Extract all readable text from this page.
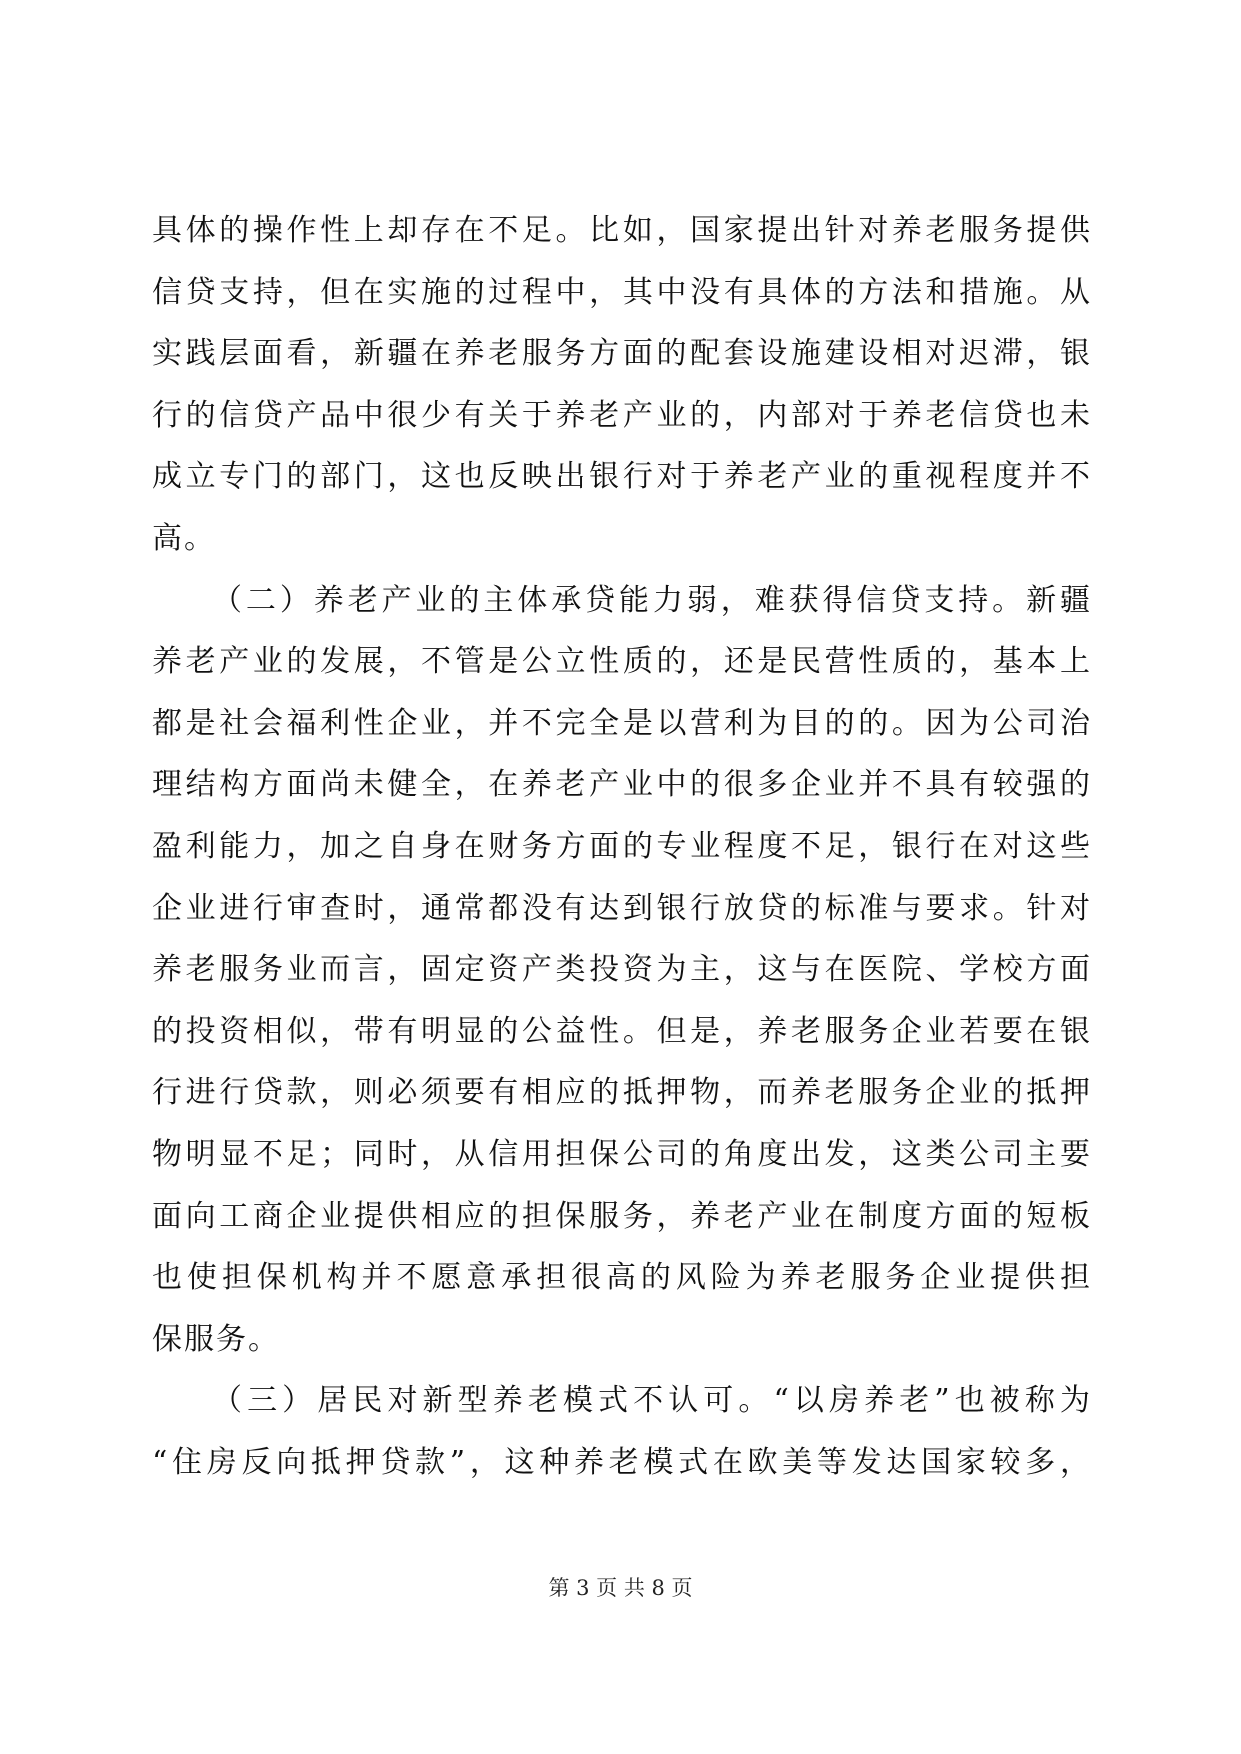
具体的操作性上却存在不足。比如，国家提出针对养老服务提供
信贷支持，但在实施的过程中，其中没有具体的方法和措施。从
实践层面看，新疆在养老服务方面的配套设施建设相对迟滞，银
行的信贷产品中很少有关于养老产业的，内部对于养老信贷也未
成立专门的部门，这也反映出银行对于养老产业的重视程度并不
高。
（二）养老产业的主体承贷能力弱，难获得信贷支持。新疆
养老产业的发展，不管是公立性质的，还是民营性质的，基本上
都是社会福利性企业，并不完全是以营利为目的的。因为公司治
理结构方面尚未健全，在养老产业中的很多企业并不具有较强的
盈利能力，加之自身在财务方面的专业程度不足，银行在对这些
企业进行审查时，通常都没有达到银行放贷的标准与要求。针对
养老服务业而言，固定资产类投资为主，这与在医院、学校方面
的投资相似，带有明显的公益性。但是，养老服务企业若要在银
行进行贷款，则必须要有相应的抵押物，而养老服务企业的抵押
物明显不足；同时，从信用担保公司的角度出发，这类公司主要
面向工商企业提供相应的担保服务，养老产业在制度方面的短板
也使担保机构并不愿意承担很高的风险为养老服务企业提供担
保服务。
（三）居民对新型养老模式不认可。“以房养老”也被称为
“住房反向抵押贷款”，这种养老模式在欧美等发达国家较多，
第 3 页 共 8 页
